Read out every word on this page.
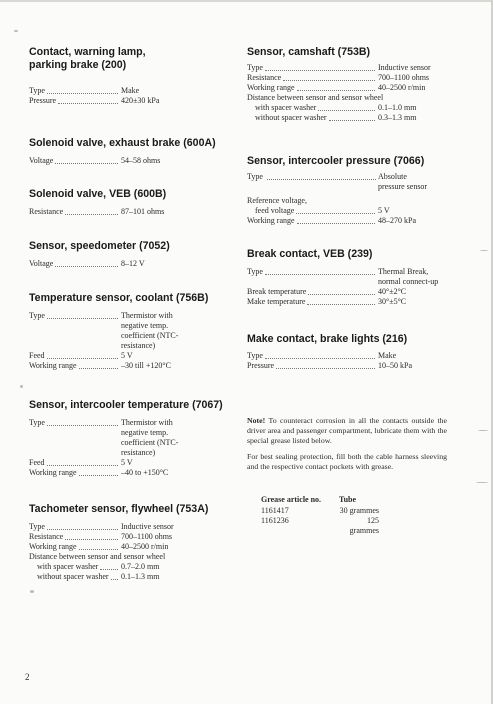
Contact, warning lamp,
parking brake (200)
Type	Make
Pressure	420±30 kPa
Solenoid valve, exhaust brake (600A)
Voltage	54–58 ohms
Solenoid valve, VEB (600B)
Resistance	87–101 ohms
Sensor, speedometer (7052)
Voltage	8–12 V
Temperature sensor, coolant (756B)
Type	Thermistor with
negative temp.
coefficient (NTC-
resistance)
Feed	5 V
Working range	–30 till +120°C
Sensor, intercooler temperature (7067)
Type	Thermistor with
negative temp.
coefficient (NTC-
resistance)
Feed	5 V
Working range	–40 to +150°C
Tachometer sensor, flywheel (753A)
Type	Inductive sensor
Resistance	700–1100 ohms
Working range	40–2500 r/min
Distance between sensor and sensor wheel
with spacer washer	0.7–2.0 mm
without spacer washer 0.1–1.3 mm
Sensor, camshaft (753B)
Type	Inductive sensor
Resistance	700–1100 ohms
Working range	40–2500 r/min
Distance between sensor and sensor wheel
with spacer washer	0.1–1.0 mm
without spacer washer	0.3–1.3 mm
Sensor, intercooler pressure (7066)
Type	Absolute
pressure sensor
Reference voltage,
feed voltage	5 V
Working range	48–270 kPa
Break contact, VEB (239)
Type	Thermal Break,
normal connect-up
Break temperature	40°±2°C
Make temperature	30°±5°C
Make contact, brake lights (216)
Type	Make
Pressure	10–50 kPa

Note! To counteract corrosion in all the contacts outside the driver area and passenger compartment, lubricate them with the special grease listed below.

For best sealing protection, fill both the cable harness sleeving and the respective contact pockets with grease.

Grease article no. Tube
1161417	30 grammes
1161236	125 grammes
2
